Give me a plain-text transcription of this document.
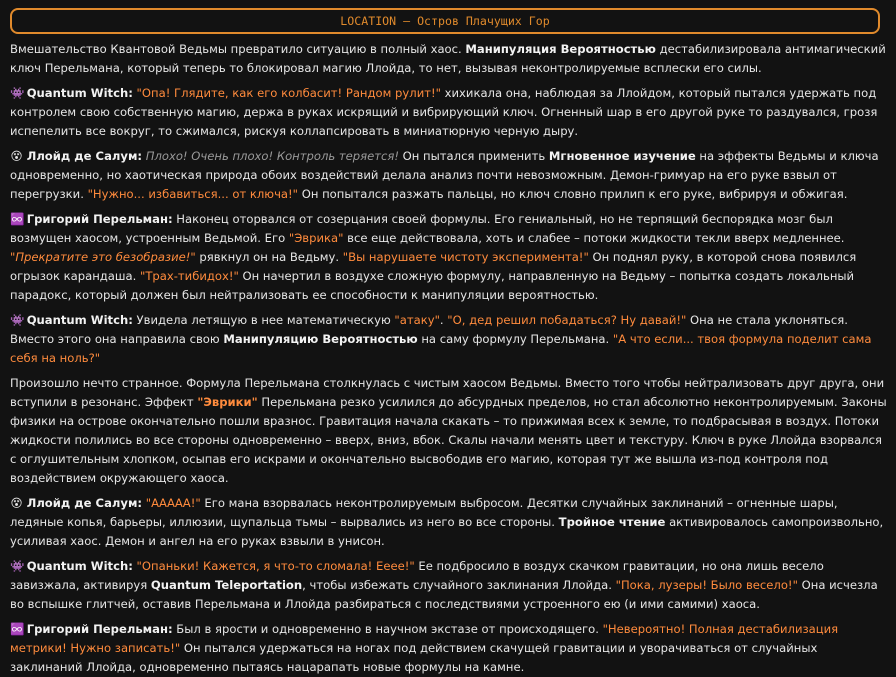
LOCATION – Остров Плачущих Гор

Вмешательство Квантовой Ведьмы превратило ситуацию в полный хаос. Манипуляция Вероятностью дестабилизировала антимагический ключ Перельмана, который теперь то блокировал магию Ллойда, то нет, вызывая неконтролируемые всплески его силы.

👾 Quantum Witch: "Опа! Глядите, как его колбасит! Рандом рулит!" хихикала она, наблюдая за Ллойдом, который пытался удержать под контролем свою собственную магию, держа в руках искрящий и вибрирующий ключ. Огненный шар в его другой руке то раздувался, грозя испепелить все вокруг, то сжимался, рискуя коллапсировать в миниатюрную черную дыру.

😵 Ллойд де Салум: Плохо! Очень плохо! Контроль теряется! Он пытался применить Мгновенное изучение на эффекты Ведьмы и ключа одновременно, но хаотическая природа обоих воздействий делала анализ почти невозможным. Демон-гримуар на его руке взвыл от перегрузки. "Нужно... избавиться... от ключа!" Он попытался разжать пальцы, но ключ словно прилип к его руке, вибрируя и обжигая.

♾️ Григорий Перельман: Наконец оторвался от созерцания своей формулы. Его гениальный, но не терпящий беспорядка мозг был возмущен хаосом, устроенным Ведьмой. Его "Эврика" все еще действовала, хоть и слабее – потоки жидкости текли вверх медленнее. "Прекратите это безобразие!" рявкнул он на Ведьму. "Вы нарушаете чистоту эксперимента!" Он поднял руку, в которой снова появился огрызок карандаша. "Трах-тибидох!" Он начертил в воздухе сложную формулу, направленную на Ведьму – попытка создать локальный парадокс, который должен был нейтрализовать ее способности к манипуляции вероятностью.

👾 Quantum Witch: Увидела летящую в нее математическую "атаку". "О, дед решил побадаться? Ну давай!" Она не стала уклоняться. Вместо этого она направила свою Манипуляцию Вероятностью на саму формулу Перельмана. "А что если... твоя формула поделит сама себя на ноль?"

Произошло нечто странное. Формула Перельмана столкнулась с чистым хаосом Ведьмы. Вместо того чтобы нейтрализовать друг друга, они вступили в резонанс. Эффект "Эврики" Перельмана резко усилился до абсурдных пределов, но стал абсолютно неконтролируемым. Законы физики на острове окончательно пошли вразнос. Гравитация начала скакать – то прижимая всех к земле, то подбрасывая в воздух. Потоки жидкости полились во все стороны одновременно – вверх, вниз, вбок. Скалы начали менять цвет и текстуру. Ключ в руке Ллойда взорвался с оглушительным хлопком, осыпав его искрами и окончательно высвободив его магию, которая тут же вышла из-под контроля под воздействием окружающего хаоса.

😵 Ллойд де Салум: "ААААА!" Его мана взорвалась неконтролируемым выбросом. Десятки случайных заклинаний – огненные шары, ледяные копья, барьеры, иллюзии, щупальца тьмы – вырвались из него во все стороны. Тройное чтение активировалось самопроизвольно, усиливая хаос. Демон и ангел на его руках взвыли в унисон.

👾 Quantum Witch: "Опаньки! Кажется, я что-то сломала! Ееее!" Ее подбросило в воздух скачком гравитации, но она лишь весело завизжала, активируя Quantum Teleportation, чтобы избежать случайного заклинания Ллойда. "Пока, лузеры! Было весело!" Она исчезла во вспышке глитчей, оставив Перельмана и Ллойда разбираться с последствиями устроенного ею (и ими самими) хаоса.

♾️ Григорий Перельман: Был в ярости и одновременно в научном экстазе от происходящего. "Невероятно! Полная дестабилизация метрики! Нужно записать!" Он пытался удержаться на ногах под действием скачущей гравитации и уворачиваться от случайных заклинаний Ллойда, одновременно пытаясь нацарапать новые формулы на камне.
